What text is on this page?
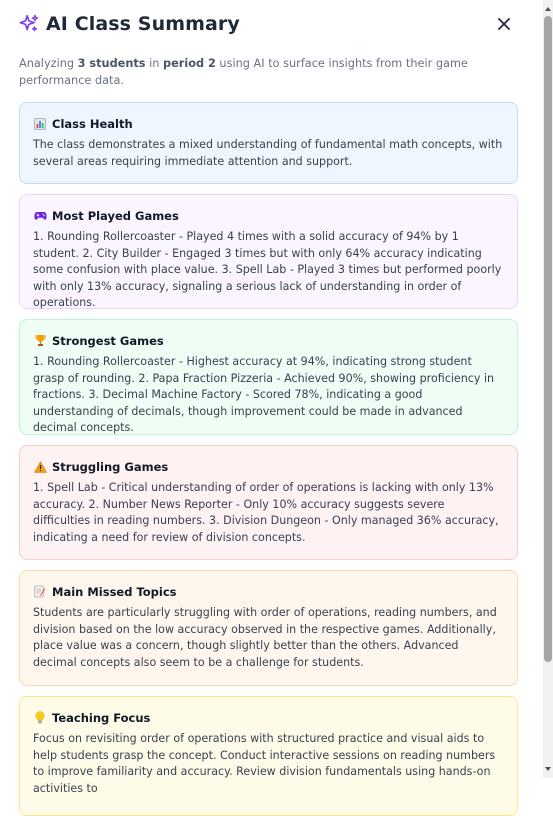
AI Class Summary
Analyzing 3 students in period 2 using AI to surface insights from their game performance data.
Class Health
The class demonstrates a mixed understanding of fundamental math concepts, with several areas requiring immediate attention and support.
Most Played Games
1. Rounding Rollercoaster - Played 4 times with a solid accuracy of 94% by 1 student. 2. City Builder - Engaged 3 times but with only 64% accuracy indicating some confusion with place value. 3. Spell Lab - Played 3 times but performed poorly with only 13% accuracy, signaling a serious lack of understanding in order of operations.
Strongest Games
1. Rounding Rollercoaster - Highest accuracy at 94%, indicating strong student grasp of rounding. 2. Papa Fraction Pizzeria - Achieved 90%, showing proficiency in fractions. 3. Decimal Machine Factory - Scored 78%, indicating a good understanding of decimals, though improvement could be made in advanced decimal concepts.
Struggling Games
1. Spell Lab - Critical understanding of order of operations is lacking with only 13% accuracy. 2. Number News Reporter - Only 10% accuracy suggests severe difficulties in reading numbers. 3. Division Dungeon - Only managed 36% accuracy, indicating a need for review of division concepts.
Main Missed Topics
Students are particularly struggling with order of operations, reading numbers, and division based on the low accuracy observed in the respective games. Additionally, place value was a concern, though slightly better than the others. Advanced decimal concepts also seem to be a challenge for students.
Teaching Focus
Focus on revisiting order of operations with structured practice and visual aids to help students grasp the concept. Conduct interactive sessions on reading numbers to improve familiarity and accuracy. Review division fundamentals using hands-on activities to
